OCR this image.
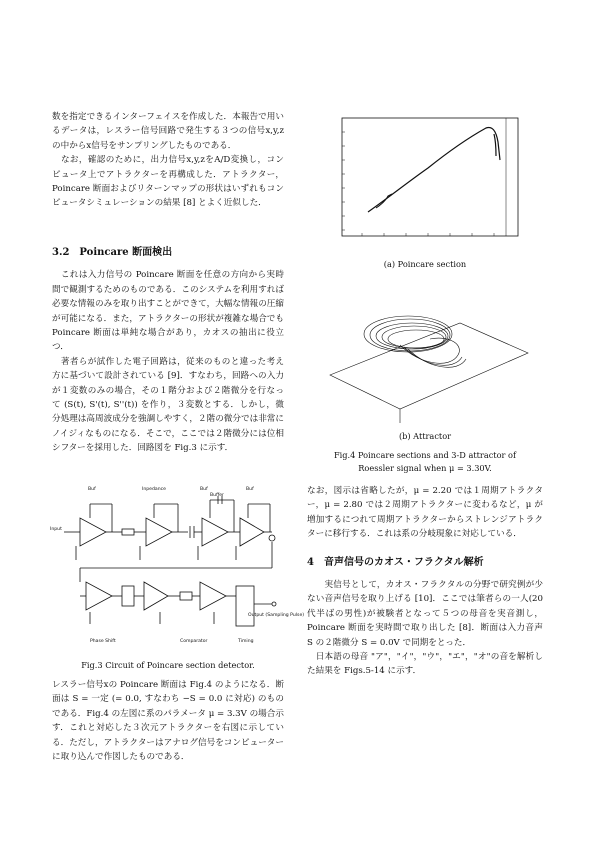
数を指定できるインターフェイスを作成した．本報告で用いるデータは，レスラー信号回路で発生する３つの信号x,y,zの中からx信号をサンプリングしたものである．

　なお，確認のために，出力信号x,y,zをA/D変換し，コンピュータ上でアトラクターを再構成した．アトラクター，Poincare 断面およびリターンマップの形状はいずれもコンピュータシミュレーションの結果 [8] とよく近似した．

3.2　Poincare 断面検出

　これは入力信号の Poincare 断面を任意の方向から実時間で観測するためのものである．このシステムを利用すれば必要な情報のみを取り出すことができて，大幅な情報の圧縮が可能になる．また，アトラクターの形状が複雑な場合でも Poincare 断面は単純な場合があり，カオスの抽出に役立つ．

　著者らが試作した電子回路は，従来のものと違った考え方に基づいて設計されている [9]．すなわち，回路への入力が１変数のみの場合，その１階分および２階微分を行なって (S(t), S'(t), S''(t)) を作り，３変数とする．しかし，微分処理は高周波成分を強調しやすく，２階の微分では非常にノイジィなものになる．そこで，ここでは２階微分には位相シフターを採用した．回路図を Fig.3 に示す．

Buf	Inpedance	Buf
Buffer
Buf
Input
Phase Shift	Comparator	Timing
Output (Sampling Pulse)

Fig.3 Circuit of Poincare section detector.

レスラー信号xの Poincare 断面は Fig.4 のようになる．断面は S = 一定 (= 0.0, すなわち −S = 0.0 に対応) のものである．Fig.4 の左図に系のパラメータ μ = 3.3V の場合示す．これと対応した３次元アトラクターを右図に示している．ただし，アトラクターはアナログ信号をコンピューターに取り込んで作図したものである．

(a) Poincare section

(b) Attractor

Fig.4 Poincare sections and 3-D attractor of

Roessler signal when μ = 3.30V.

なお，図示は省略したが，μ = 2.20 では１周期アトラクター，μ = 2.80 では２周期アトラクターに変わるなど，μ が増加するにつれて周期アトラクターからストレンジアトラクターに移行する．これは系の分岐現象に対応している．

4　音声信号のカオス・フラクタル解析

　　実信号として，カオス・フラクタルの分野で研究例が少ない音声信号を取り上げる [10]．ここでは筆者らの一人(20代半ばの男性)が被験者となって５つの母音を実音測し，Poincare 断面を実時間で取り出した [8]．断面は入力音声 S の２階微分 S = 0.0V で同期をとった．

　日本語の母音 "ア"，"イ"，"ウ"，"エ"，"オ"の音を解析した結果を Figs.5-14 に示す．
